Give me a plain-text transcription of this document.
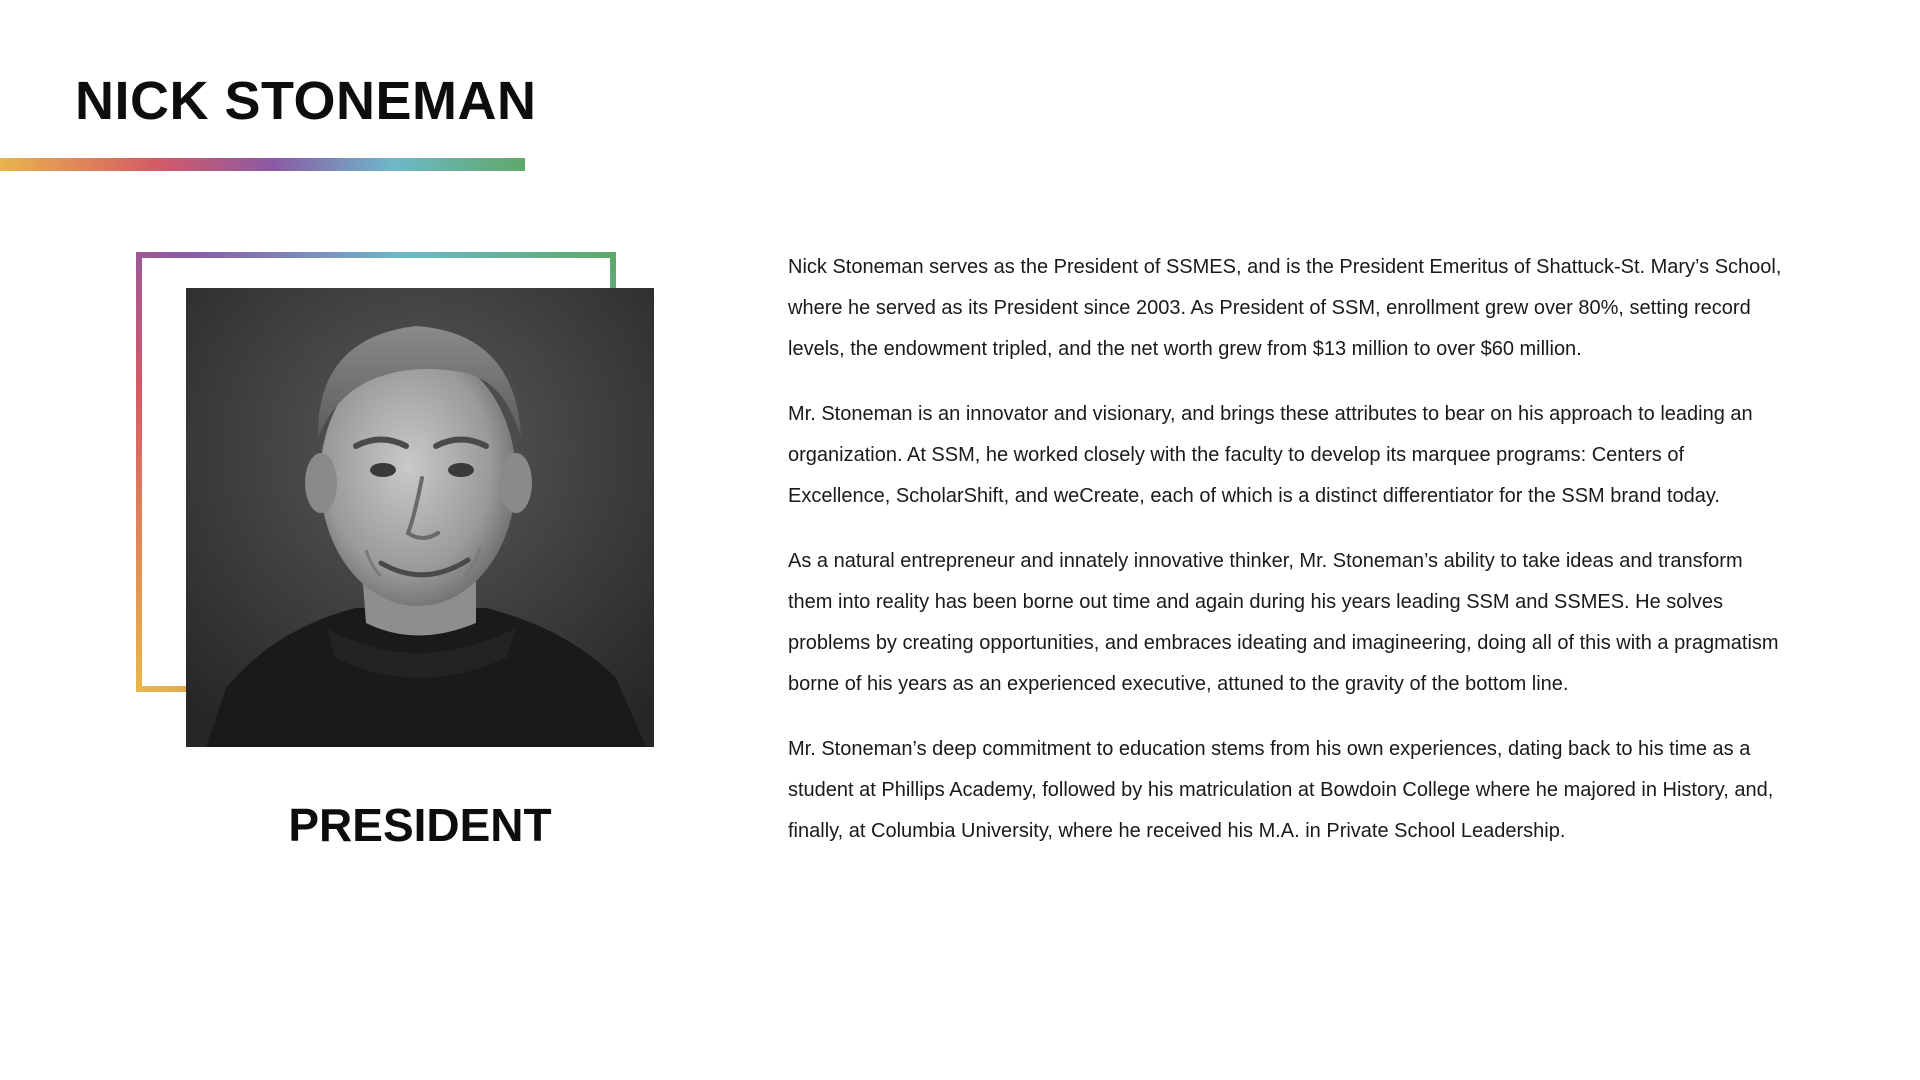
NICK STONEMAN
PRESIDENT

Nick Stoneman serves as the President of SSMES, and is the President Emeritus of Shattuck-St. Mary’s School, where he served as its President since 2003. As President of SSM, enrollment grew over 80%, setting record levels, the endowment tripled, and the net worth grew from $13 million to over $60 million.

Mr. Stoneman is an innovator and visionary, and brings these attributes to bear on his approach to leading an organization. At SSM, he worked closely with the faculty to develop its marquee programs: Centers of Excellence, ScholarShift, and weCreate, each of which is a distinct differentiator for the SSM brand today.

As a natural entrepreneur and innately innovative thinker, Mr. Stoneman’s ability to take ideas and transform them into reality has been borne out time and again during his years leading SSM and SSMES. He solves problems by creating opportunities, and embraces ideating and imagineering, doing all of this with a pragmatism borne of his years as an experienced executive, attuned to the gravity of the bottom line.

Mr. Stoneman’s deep commitment to education stems from his own experiences, dating back to his time as a student at Phillips Academy, followed by his matriculation at Bowdoin College where he majored in History, and, finally, at Columbia University, where he received his M.A. in Private School Leadership.
